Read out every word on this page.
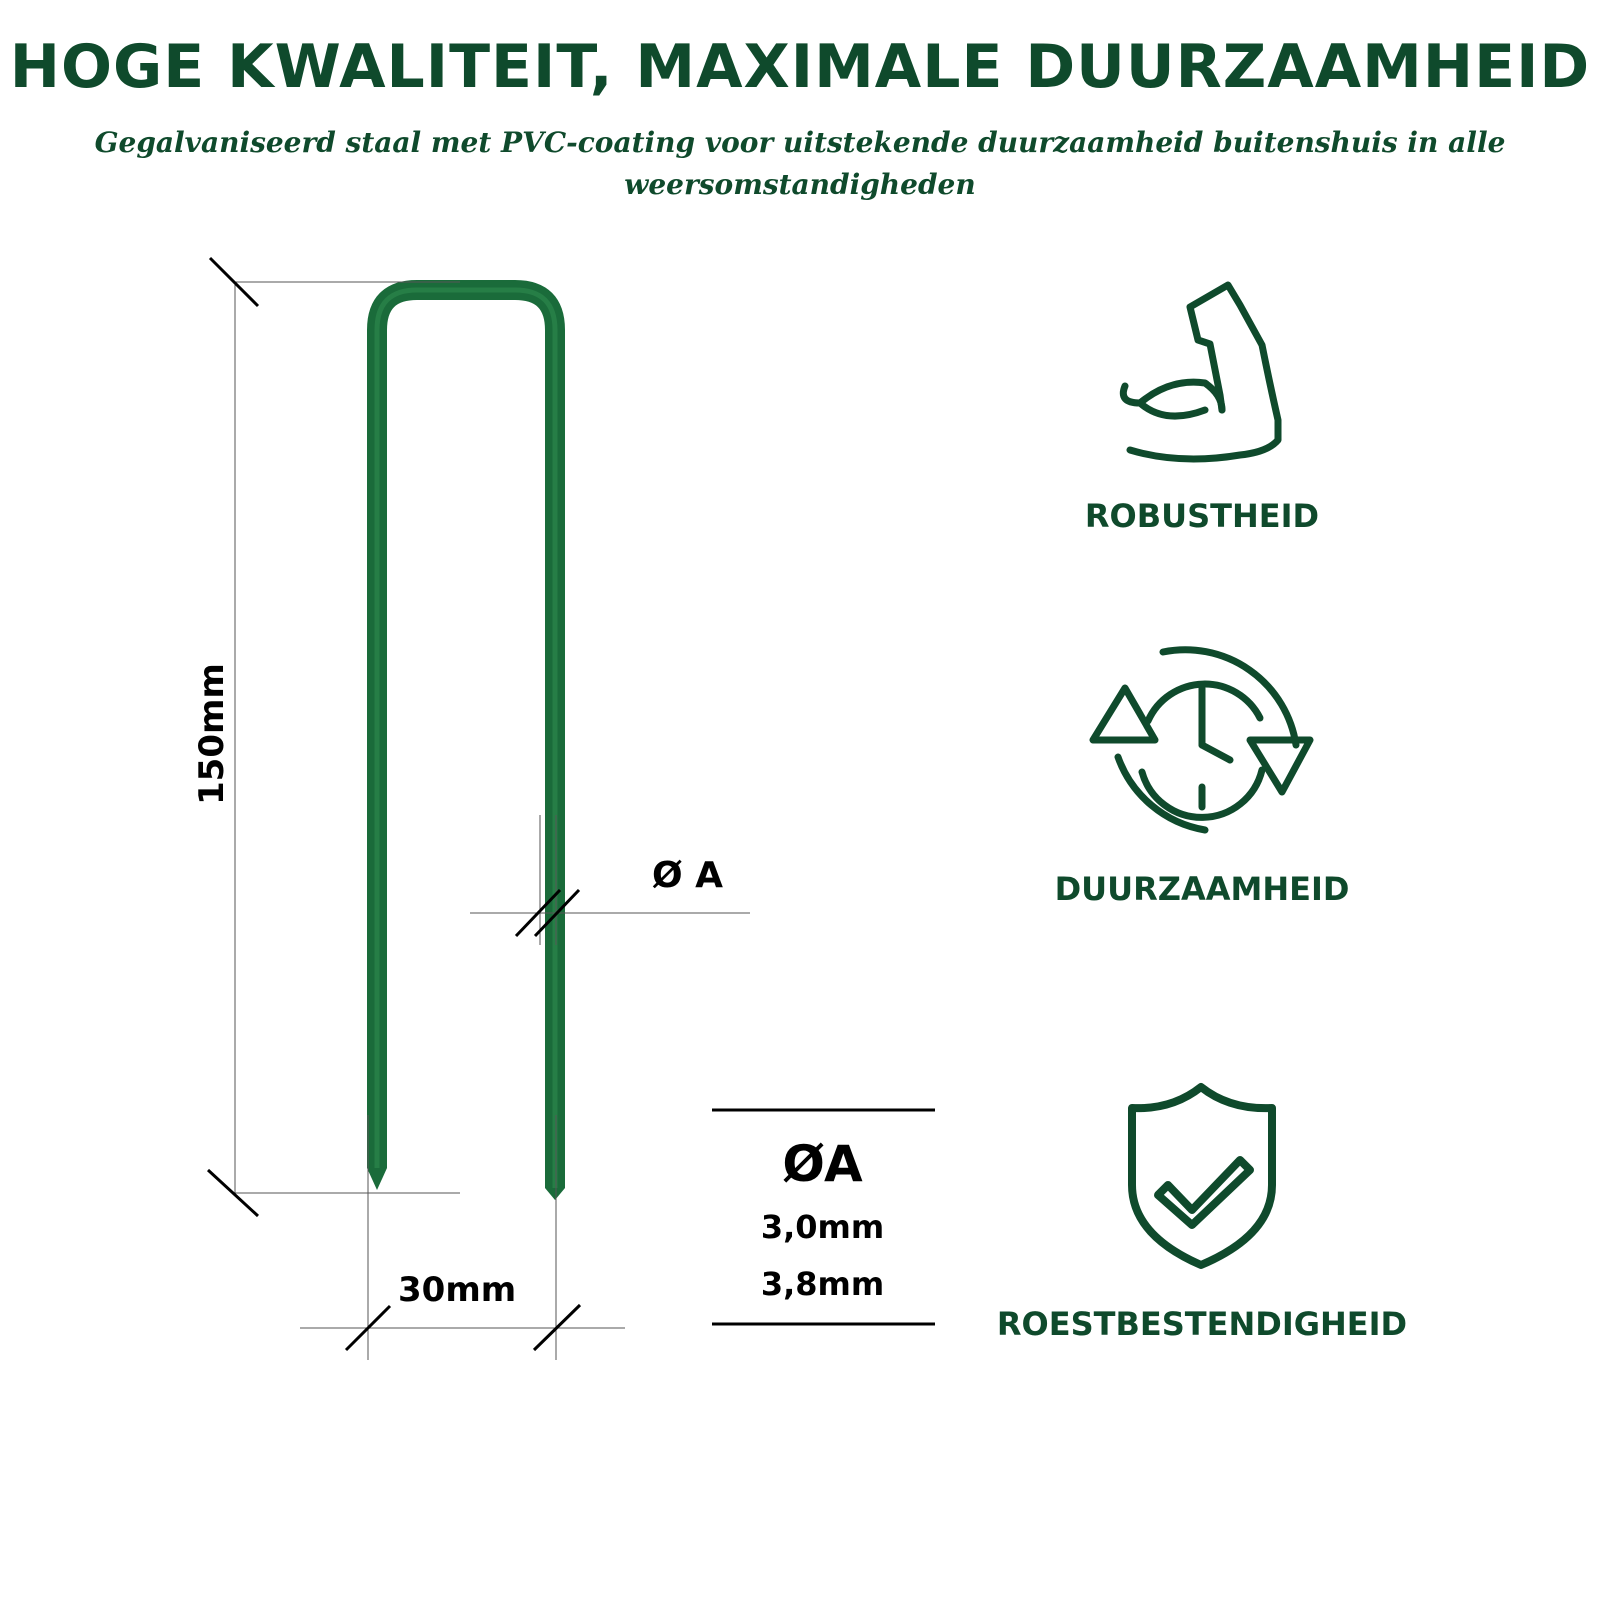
HOGE KWALITEIT, MAXIMALE DUURZAAMHEID
Gegalvaniseerd staal met PVC-coating voor uitstekende duurzaamheid buitenshuis in alle weersomstandigheden
150mm
30mm
Ø A
ØA
3,0mm
3,8mm
ROBUSTHEID
DUURZAAMHEID
ROESTBESTENDIGHEID
